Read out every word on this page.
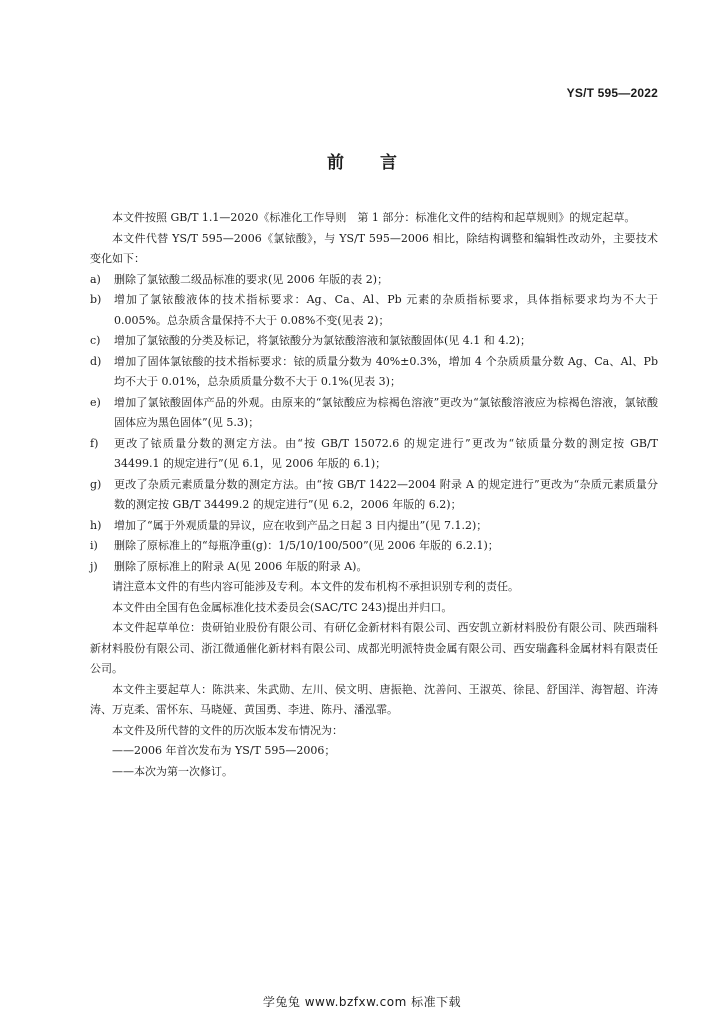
YS/T 595—2022
前言

本文件按照 GB/T 1.1—2020《标准化工作导则　第 1 部分：标准化文件的结构和起草规则》的规定起草。

本文件代替 YS/T 595—2006《氯铱酸》，与 YS/T 595—2006 相比，除结构调整和编辑性改动外，主要技术变化如下：

a)	删除了氯铱酸二级品标准的要求(见 2006 年版的表 2)；
b)	增加了氯铱酸液体的技术指标要求：Ag、Ca、Al、Pb 元素的杂质指标要求，具体指标要求均为不大于 0.005%。总杂质含量保持不大于 0.08%不变(见表 2)；
c)	增加了氯铱酸的分类及标记，将氯铱酸分为氯铱酸溶液和氯铱酸固体(见 4.1 和 4.2)；
d)	增加了固体氯铱酸的技术指标要求：铱的质量分数为 40%±0.3%，增加 4 个杂质质量分数 Ag、Ca、Al、Pb 均不大于 0.01%，总杂质质量分数不大于 0.1%(见表 3)；
e)	增加了氯铱酸固体产品的外观。由原来的“氯铱酸应为棕褐色溶液”更改为“氯铱酸溶液应为棕褐色溶液，氯铱酸固体应为黑色固体”(见 5.3)；
f)	更改了铱质量分数的测定方法。由“按 GB/T 15072.6 的规定进行”更改为“铱质量分数的测定按 GB/T 34499.1 的规定进行”(见 6.1，见 2006 年版的 6.1)；
g)	更改了杂质元素质量分数的测定方法。由“按 GB/T 1422—2004 附录 A 的规定进行”更改为“杂质元素质量分数的测定按 GB/T 34499.2 的规定进行”(见 6.2，2006 年版的 6.2)；
h)	增加了“属于外观质量的异议，应在收到产品之日起 3 日内提出”(见 7.1.2)；
i)	删除了原标准上的“每瓶净重(g)：1/5/10/100/500”(见 2006 年版的 6.2.1)；
j)	删除了原标准上的附录 A(见 2006 年版的附录 A)。

请注意本文件的有些内容可能涉及专利。本文件的发布机构不承担识别专利的责任。

本文件由全国有色金属标准化技术委员会(SAC/TC 243)提出并归口。

本文件起草单位：贵研铂业股份有限公司、有研亿金新材料有限公司、西安凯立新材料股份有限公司、陕西瑞科新材料股份有限公司、浙江微通催化新材料有限公司、成都光明派特贵金属有限公司、西安瑞鑫科金属材料有限责任公司。

本文件主要起草人：陈洪来、朱武勋、左川、侯文明、唐振艳、沈善问、王淑英、徐昆、舒国洋、海智超、许涛涛、万克柔、雷怀东、马晓娅、黄国勇、李进、陈丹、潘泓霏。

本文件及所代替的文件的历次版本发布情况为：

——2006 年首次发布为 YS/T 595—2006；

——本次为第一次修订。

学兔兔 www.bzfxw.com 标准下载
